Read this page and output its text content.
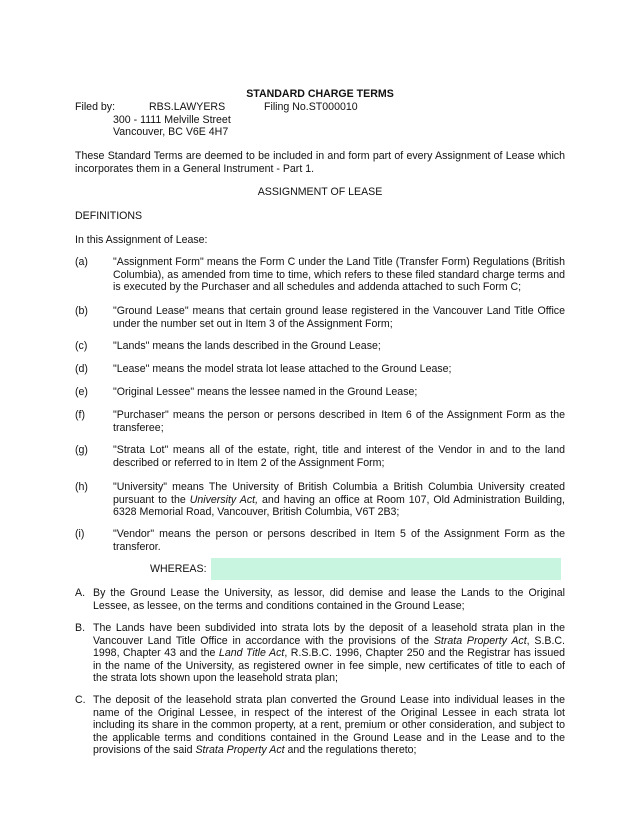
STANDARD CHARGE TERMS
Filed by:	RBS.LAWYERS	Filing No.ST000010
300 - 1111 Melville Street
Vancouver, BC V6E 4H7
These Standard Terms are deemed to be included in and form part of every Assignment of Lease which incorporates them in a General Instrument - Part 1.
ASSIGNMENT OF LEASE
DEFINITIONS
In this Assignment of Lease:
(a) "Assignment Form" means the Form C under the Land Title (Transfer Form) Regulations (British Columbia), as amended from time to time, which refers to these filed standard charge terms and is executed by the Purchaser and all schedules and addenda attached to such Form C;
(b) "Ground Lease" means that certain ground lease registered in the Vancouver Land Title Office under the number set out in Item 3 of the Assignment Form;
(c) "Lands" means the lands described in the Ground Lease;
(d) "Lease" means the model strata lot lease attached to the Ground Lease;
(e) "Original Lessee" means the lessee named in the Ground Lease;
(f)	"Purchaser" means the person or persons described in Item 6 of the Assignment Form as the transferee;
(g) "Strata Lot" means all of the estate, right, title and interest of the Vendor in and to the land described or referred to in Item 2 of the Assignment Form;
(h) "University" means The University of British Columbia a British Columbia University created pursuant to the University Act, and having an office at Room 107, Old Administration Building, 6328 Memorial Road, Vancouver, British Columbia, V6T 2B3;
(i)	"Vendor" means the person or persons described in Item 5 of the Assignment Form as the transferor.
WHEREAS:
A. By the Ground Lease the University, as lessor, did demise and lease the Lands to the Original Lessee, as lessee, on the terms and conditions contained in the Ground Lease;
B. The Lands have been subdivided into strata lots by the deposit of a leasehold strata plan in the Vancouver Land Title Office in accordance with the provisions of the Strata Property Act, S.B.C. 1998, Chapter 43 and the Land Title Act, R.S.B.C. 1996, Chapter 250 and the Registrar has issued in the name of the University, as registered owner in fee simple, new certificates of title to each of the strata lots shown upon the leasehold strata plan;
C. The deposit of the leasehold strata plan converted the Ground Lease into individual leases in the name of the Original Lessee, in respect of the interest of the Original Lessee in each strata lot including its share in the common property, at a rent, premium or other consideration, and subject to the applicable terms and conditions contained in the Ground Lease and in the Lease and to the provisions of the said Strata Property Act and the regulations thereto;
